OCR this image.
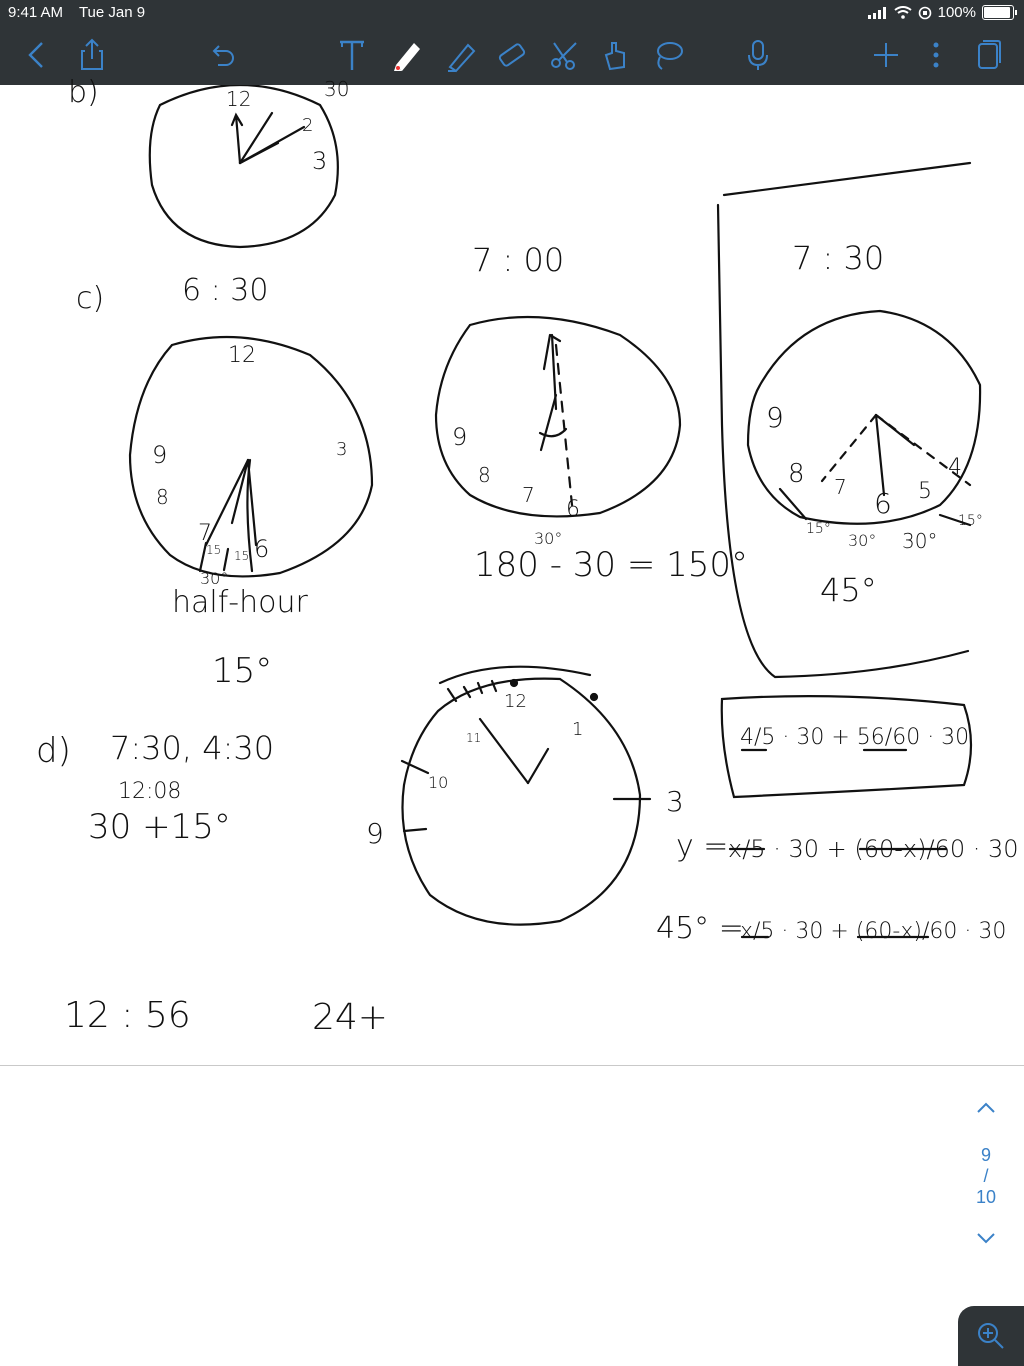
9:41 AM Tue Jan 9	100%
b)	30
12
2
3
c)	6 : 30
12
9	3
8
7
6
15 15
30°
half-hour
15°
7 : 00
9
8
7
6
30°
180 - 30 = 150°
7 : 30
9
8 7 6 5
4
15°
30° 30°
15°
45°
d) 7:30, 4:30
12:08
30 +15°
12
10
11	1
3
9
4/5 · 30 + 56/60 · 30
y = x/5 · 30 + (60-x)/60 · 30
45° =
x/5 · 30 + (60-x)/60 · 30
12 : 56	24+
9
/
10
